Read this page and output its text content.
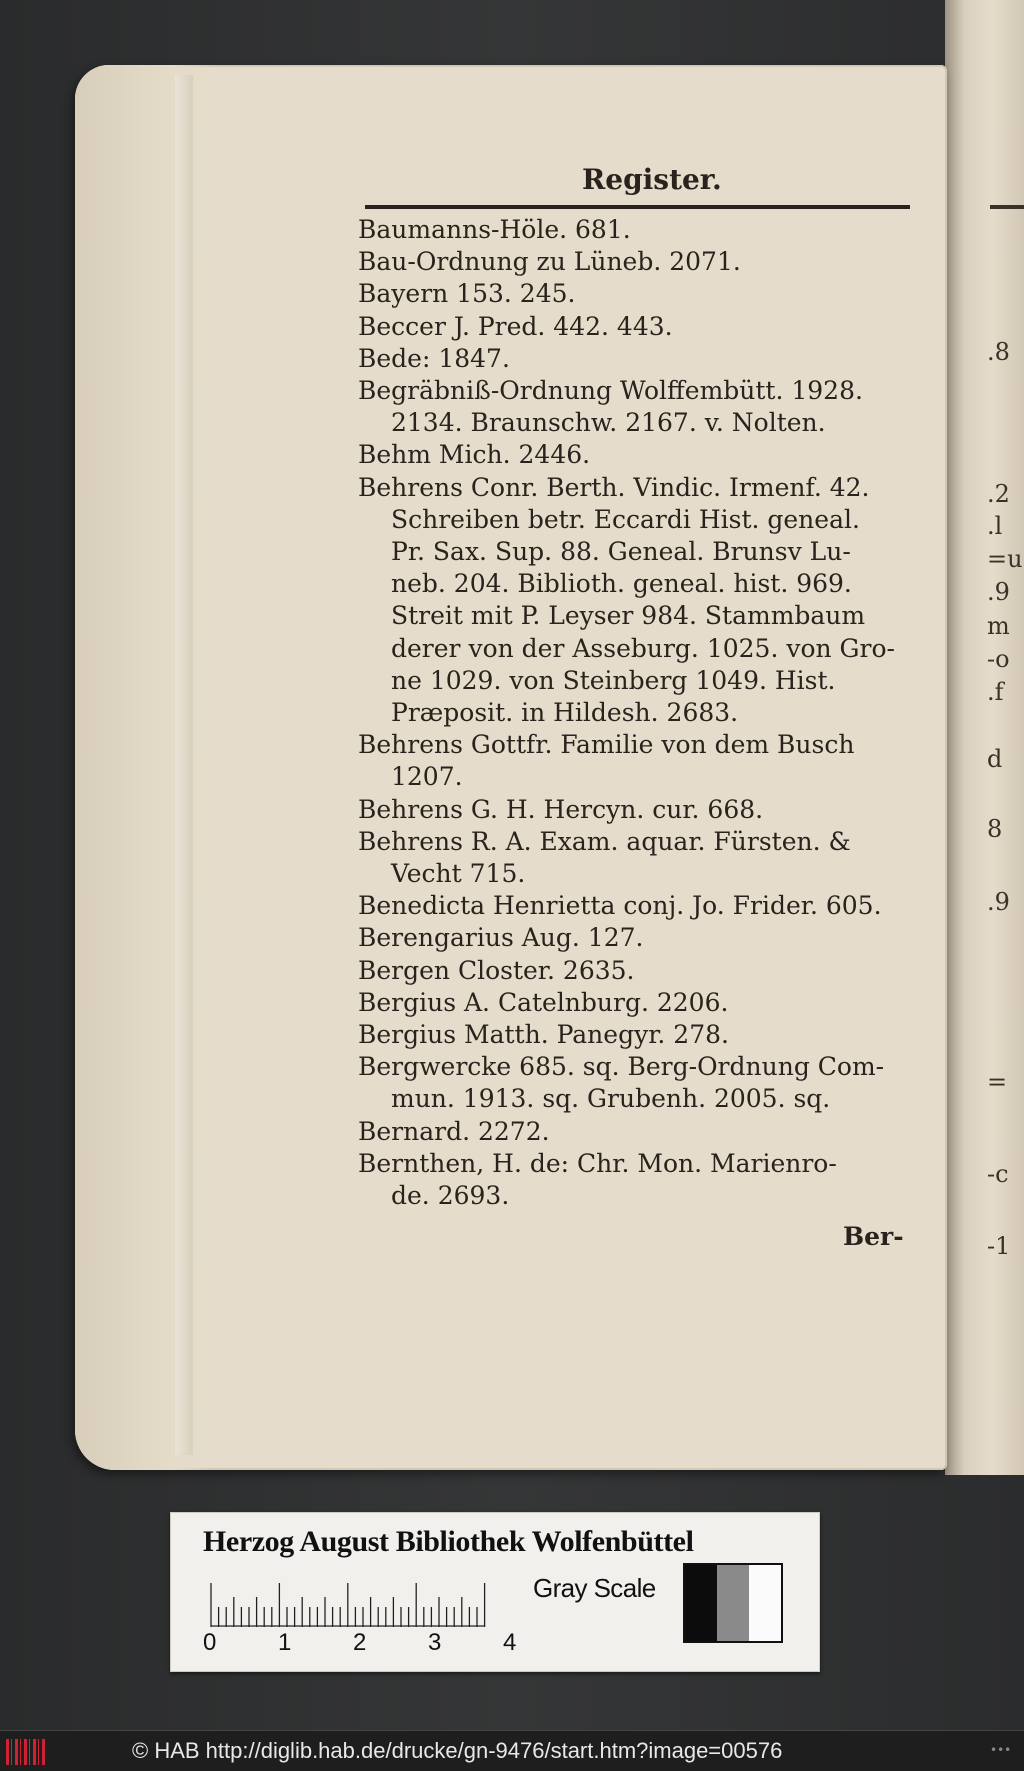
.8
.2
.l
=u
.9
m
-o
.f
d
8
.9
=
-c
-1
Register.
Baumanns-Höle. 681.
Bau-Ordnung zu Lüneb. 2071.
Bayern 153. 245.
Beccer J. Pred. 442. 443.
Bede: 1847.
Begräbniß-Ordnung Wolffembütt. 1928.
2134. Braunschw. 2167. v. Nolten.
Behm Mich. 2446.
Behrens Conr. Berth. Vindic. Irmenf. 42.
Schreiben betr. Eccardi Hist. geneal.
Pr. Sax. Sup. 88. Geneal. Brunsv Lu-
neb. 204. Biblioth. geneal. hist. 969.
Streit mit P. Leyser 984. Stammbaum
derer von der Asseburg. 1025. von Gro-
ne 1029. von Steinberg 1049. Hist.
Præposit. in Hildesh. 2683.
Behrens Gottfr. Familie von dem Busch
1207.
Behrens G. H. Hercyn. cur. 668.
Behrens R. A. Exam. aquar. Fürsten. &
Vecht 715.
Benedicta Henrietta conj. Jo. Frider. 605.
Berengarius Aug. 127.
Bergen Closter. 2635.
Bergius A. Catelnburg. 2206.
Bergius Matth. Panegyr. 278.
Bergwercke 685. sq. Berg-Ordnung Com-
mun. 1913. sq. Grubenh. 2005. sq.
Bernard. 2272.
Bernthen, H. de: Chr. Mon. Marienro-
de. 2693.
Ber-
Herzog August Bibliothek Wolfenbüttel
0	1	2	3	4
Gray Scale
© HAB http://diglib.hab.de/drucke/gn-9476/start.htm?image=00576	•••
